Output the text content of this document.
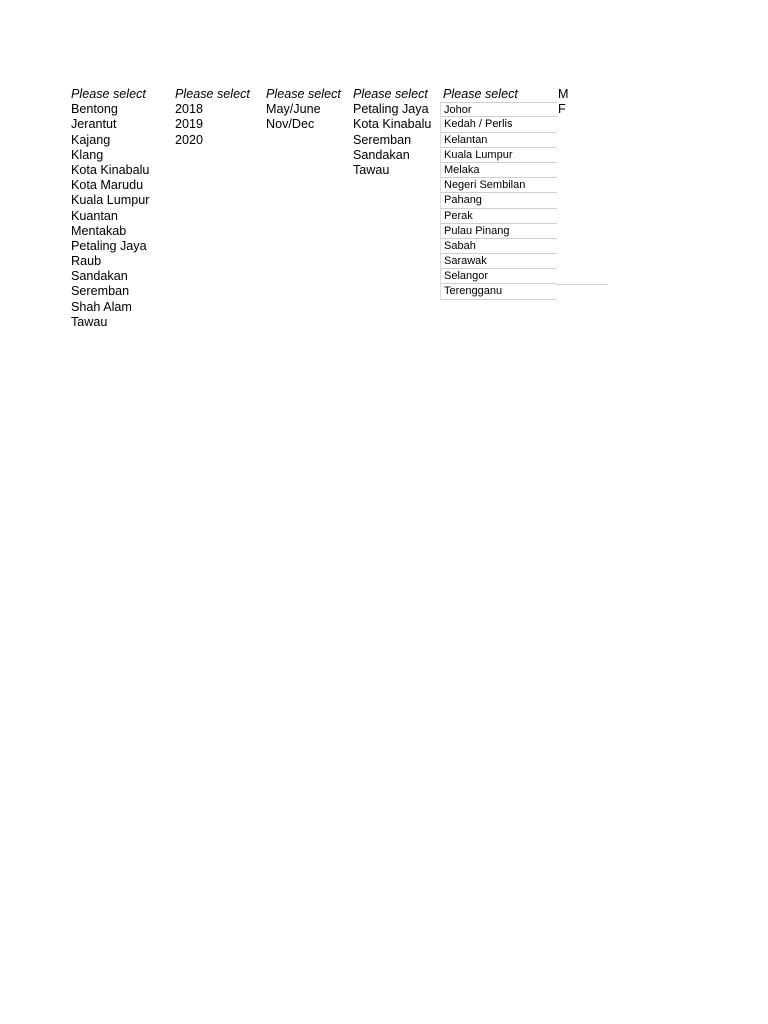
Please select
Bentong
Jerantut
Kajang
Klang
Kota Kinabalu
Kota Marudu
Kuala Lumpur
Kuantan
Mentakab
Petaling Jaya
Raub
Sandakan
Seremban
Shah Alam
Tawau
Please select
2018
2019
2020
Please select
May/June
Nov/Dec
Please select
Petaling Jaya
Kota Kinabalu
Seremban
Sandakan
Tawau
Please select
Johor
Kedah / Perlis
Kelantan
Kuala Lumpur
Melaka
Negeri Sembilan
Pahang
Perak
Pulau Pinang
Sabah
Sarawak
Selangor
Terengganu
M
F
